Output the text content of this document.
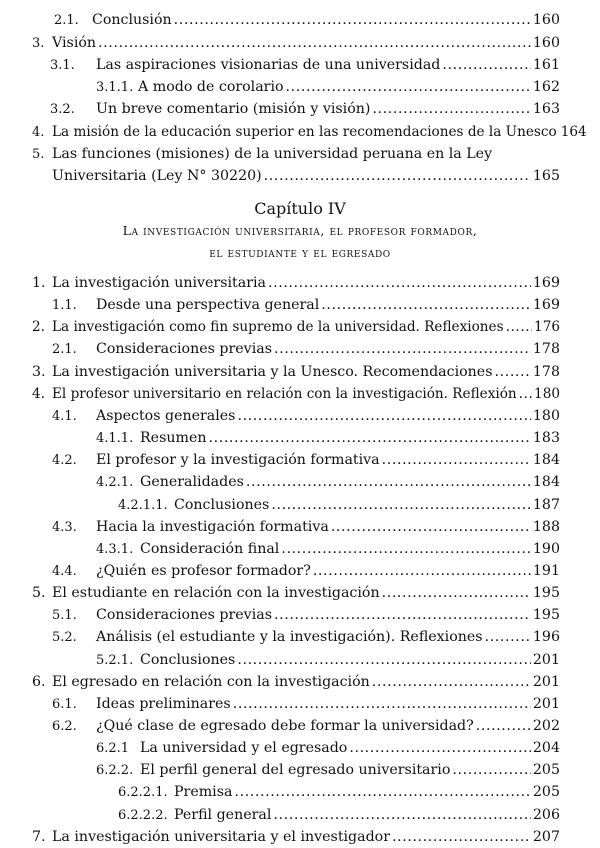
2.1. Conclusión .....	160
3. Visión .....	160
3.1.	Las aspiraciones visionarias de una universidad .....	161
3.1.1. A modo de corolario .....	162
3.2.	Un breve comentario (misión y visión) .....	163
4. La misión de la educación superior en las recomendaciones de la Unesco 164
5. Las funciones (misiones) de la universidad peruana en la Ley
Universitaria (Ley N° 30220) .....	165
Capítulo IV
La investigación universitaria, el profesor formador,
el estudiante y el egresado
1. La investigación universitaria .....	169
1.1.	Desde una perspectiva general .....	169
2. La investigación como fin supremo de la universidad. Reflexiones ..... 176
2.1.	Consideraciones previas .....	178
3. La investigación universitaria y la Unesco. Recomendaciones .....	178
4. El profesor universitario en relación con la investigación. Reflexión ..... 180
4.1.	Aspectos generales .....	180
4.1.1. Resumen .....	183
4.2.	El profesor y la investigación formativa .....	184
4.2.1. Generalidades .....	184
4.2.1.1. Conclusiones .....	187
4.3.	Hacia la investigación formativa .....	188
4.3.1. Consideración final .....	190
4.4.	¿Quién es profesor formador? .....	191
5. El estudiante en relación con la investigación .....	195
5.1.	Consideraciones previas .....	195
5.2.	Análisis (el estudiante y la investigación). Reflexiones .....	196
5.2.1. Conclusiones .....	201
6. El egresado en relación con la investigación .....	201
6.1.	Ideas preliminares .....	201
6.2.	¿Qué clase de egresado debe formar la universidad? .....	202
6.2.1 La universidad y el egresado .....	204
6.2.2. El perfil general del egresado universitario .....	205
6.2.2.1. Premisa .....	205
6.2.2.2. Perfil general .....	206
7. La investigación universitaria y el investigador .....	207
